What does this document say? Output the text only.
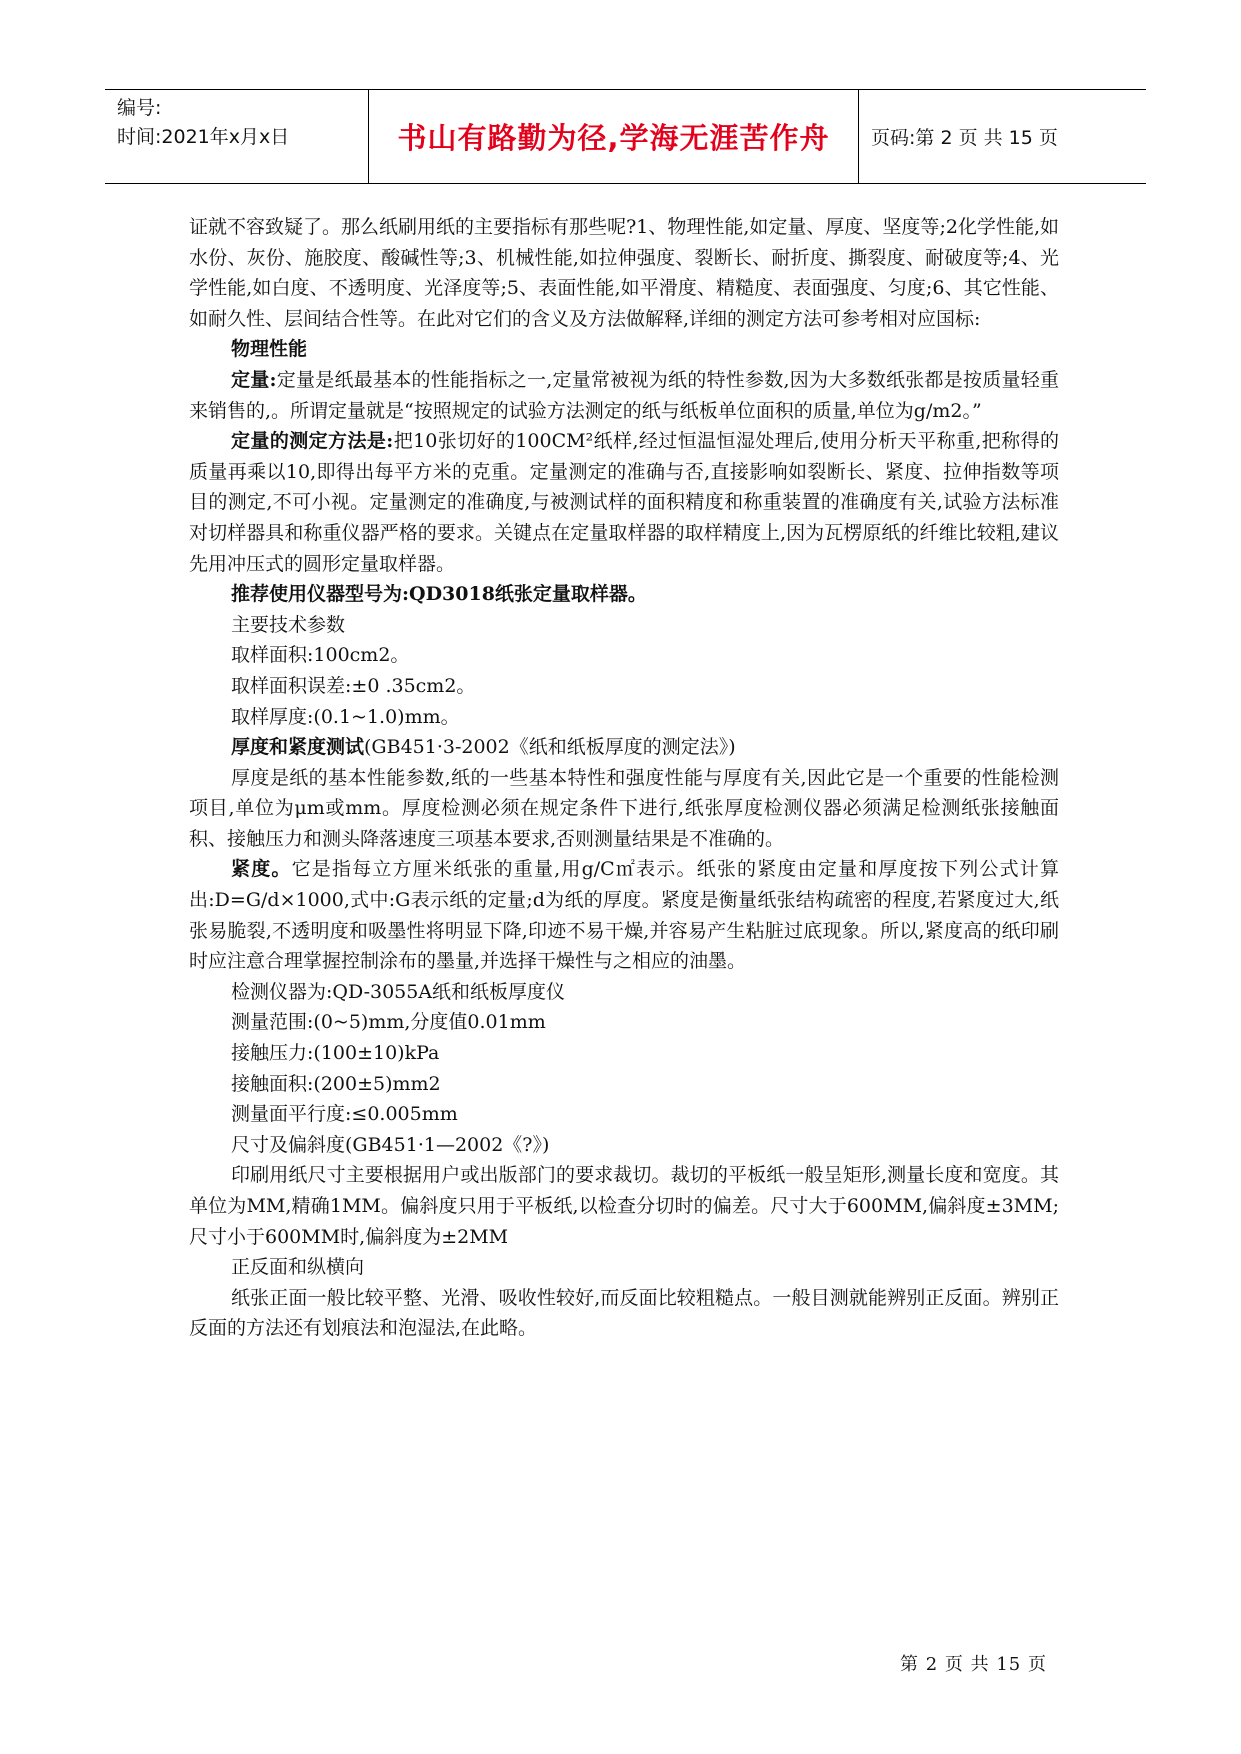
编号:
时间:2021年x月x日	书山有路勤为径,学海无涯苦作舟 页码:第 2 页 共 15 页

证就不容致疑了。那么纸刷用纸的主要指标有那些呢?1、物理性能,如定量、厚度、坚度等;2化学性能,如水份、灰份、施胶度、酸碱性等;3、机械性能,如拉伸强度、裂断长、耐折度、撕裂度、耐破度等;4、光学性能,如白度、不透明度、光泽度等;5、表面性能,如平滑度、精糙度、表面强度、匀度;6、其它性能、如耐久性、层间结合性等。在此对它们的含义及方法做解释,详细的测定方法可参考相对应国标:

物理性能

定量:定量是纸最基本的性能指标之一,定量常被视为纸的特性参数,因为大多数纸张都是按质量轻重来销售的,。所谓定量就是“按照规定的试验方法测定的纸与纸板单位面积的质量,单位为g/m2。”

定量的测定方法是:把10张切好的100CM²纸样,经过恒温恒湿处理后,使用分析天平称重,把称得的质量再乘以10,即得出每平方米的克重。定量测定的准确与否,直接影响如裂断长、紧度、拉伸指数等项目的测定,不可小视。定量测定的准确度,与被测试样的面积精度和称重装置的准确度有关,试验方法标准对切样器具和称重仪器严格的要求。关键点在定量取样器的取样精度上,因为瓦楞原纸的纤维比较粗,建议先用冲压式的圆形定量取样器。

推荐使用仪器型号为:QD3018纸张定量取样器。

主要技术参数

取样面积:100cm2。

取样面积误差:±0 .35cm2。

取样厚度:(0.1~1.0)mm。

厚度和紧度测试(GB451·3-2002《纸和纸板厚度的测定法》)

厚度是纸的基本性能参数,纸的一些基本特性和强度性能与厚度有关,因此它是一个重要的性能检测项目,单位为μm或mm。厚度检测必须在规定条件下进行,纸张厚度检测仪器必须满足检测纸张接触面积、接触压力和测头降落速度三项基本要求,否则测量结果是不准确的。

紧度。它是指每立方厘米纸张的重量,用g/C㎡表示。纸张的紧度由定量和厚度按下列公式计算出:D=G/d×1000,式中:G表示纸的定量;d为纸的厚度。紧度是衡量纸张结构疏密的程度,若紧度过大,纸张易脆裂,不透明度和吸墨性将明显下降,印迹不易干燥,并容易产生粘脏过底现象。所以,紧度高的纸印刷时应注意合理掌握控制涂布的墨量,并选择干燥性与之相应的油墨。

检测仪器为:QD-3055A纸和纸板厚度仪

测量范围:(0~5)mm,分度值0.01mm

接触压力:(100±10)kPa

接触面积:(200±5)mm2

测量面平行度:≤0.005mm

尺寸及偏斜度(GB451·1—2002《?》)

印刷用纸尺寸主要根据用户或出版部门的要求裁切。裁切的平板纸一般呈矩形,测量长度和宽度。其单位为MM,精确1MM。偏斜度只用于平板纸,以检查分切时的偏差。尺寸大于600MM,偏斜度±3MM;尺寸小于600MM时,偏斜度为±2MM

正反面和纵横向

纸张正面一般比较平整、光滑、吸收性较好,而反面比较粗糙点。一般目测就能辨别正反面。辨别正反面的方法还有划痕法和泡湿法,在此略。

第 2 页 共 15 页
